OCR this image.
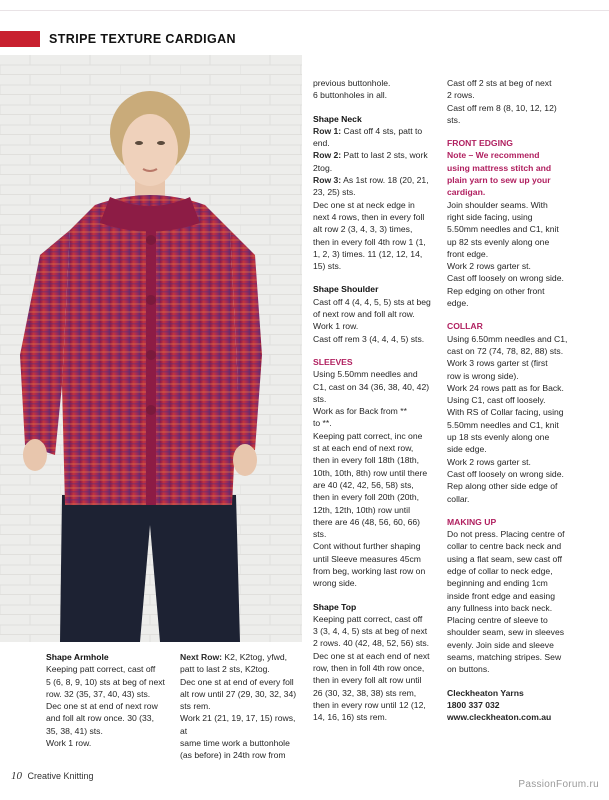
STRIPE TEXTURE CARDIGAN

Shape Armhole

Keeping patt correct, cast off

5 (6, 8, 9, 10) sts at beg of next

row. 32 (35, 37, 40, 43) sts.

Dec one st at end of next row

and foll alt row once. 30 (33,

35, 38, 41) sts.

Work 1 row.

Next Row: K2, K2tog, yfwd,

patt to last 2 sts, K2tog.

Dec one st at end of every foll

alt row until 27 (29, 30, 32, 34)

sts rem.

Work 21 (21, 19, 17, 15) rows, at

same time work a buttonhole

(as before) in 24th row from

previous buttonhole.

6 buttonholes in all.

Shape Neck

Row 1: Cast off 4 sts, patt to

end.

Row 2: Patt to last 2 sts, work

2tog.

Row 3: As 1st row. 18 (20, 21,

23, 25) sts.

Dec one st at neck edge in

next 4 rows, then in every foll

alt row 2 (3, 4, 3, 3) times,

then in every foll 4th row 1 (1,

1, 2, 3) times. 11 (12, 12, 14,

15) sts.

Shape Shoulder

Cast off 4 (4, 4, 5, 5) sts at beg

of next row and foll alt row.

Work 1 row.

Cast off rem 3 (4, 4, 4, 5) sts.

SLEEVES

Using 5.50mm needles and

C1, cast on 34 (36, 38, 40, 42)

sts.

Work as for Back from **

to **.

Keeping patt correct, inc one

st at each end of next row,

then in every foll 18th (18th,

10th, 10th, 8th) row until there

are 40 (42, 42, 56, 58) sts,

then in every foll 20th (20th,

12th, 12th, 10th) row until

there are 46 (48, 56, 60, 66)

sts.

Cont without further shaping

until Sleeve measures 45cm

from beg, working last row on

wrong side.

Shape Top

Keeping patt correct, cast off

3 (3, 4, 4, 5) sts at beg of next

2 rows. 40 (42, 48, 52, 56) sts.

Dec one st at each end of next

row, then in foll 4th row once,

then in every foll alt row until

26 (30, 32, 38, 38) sts rem,

then in every row until 12 (12,

14, 16, 16) sts rem.

Cast off 2 sts at beg of next

2 rows.

Cast off rem 8 (8, 10, 12, 12)

sts.

FRONT EDGING

Note – We recommend

using mattress stitch and

plain yarn to sew up your

cardigan.

Join shoulder seams. With

right side facing, using

5.50mm needles and C1, knit

up 82 sts evenly along one

front edge.

Work 2 rows garter st.

Cast off loosely on wrong side.

Rep edging on other front

edge.

COLLAR

Using 6.50mm needles and C1,

cast on 72 (74, 78, 82, 88) sts.

Work 3 rows garter st (first

row is wrong side).

Work 24 rows patt as for Back.

Using C1, cast off loosely.

With RS of Collar facing, using

5.50mm needles and C1, knit

up 18 sts evenly along one

side edge.

Work 2 rows garter st.

Cast off loosely on wrong side.

Rep along other side edge of

collar.

MAKING UP

Do not press. Placing centre of

collar to centre back neck and

using a flat seam, sew cast off

edge of collar to neck edge,

beginning and ending 1cm

inside front edge and easing

any fullness into back neck.

Placing centre of sleeve to

shoulder seam, sew in sleeves

evenly. Join side and sleeve

seams, matching stripes. Sew

on buttons.

Cleckheaton Yarns

1800 337 032

www.cleckheaton.com.au

10 Creative Knitting
PassionForum.ru
